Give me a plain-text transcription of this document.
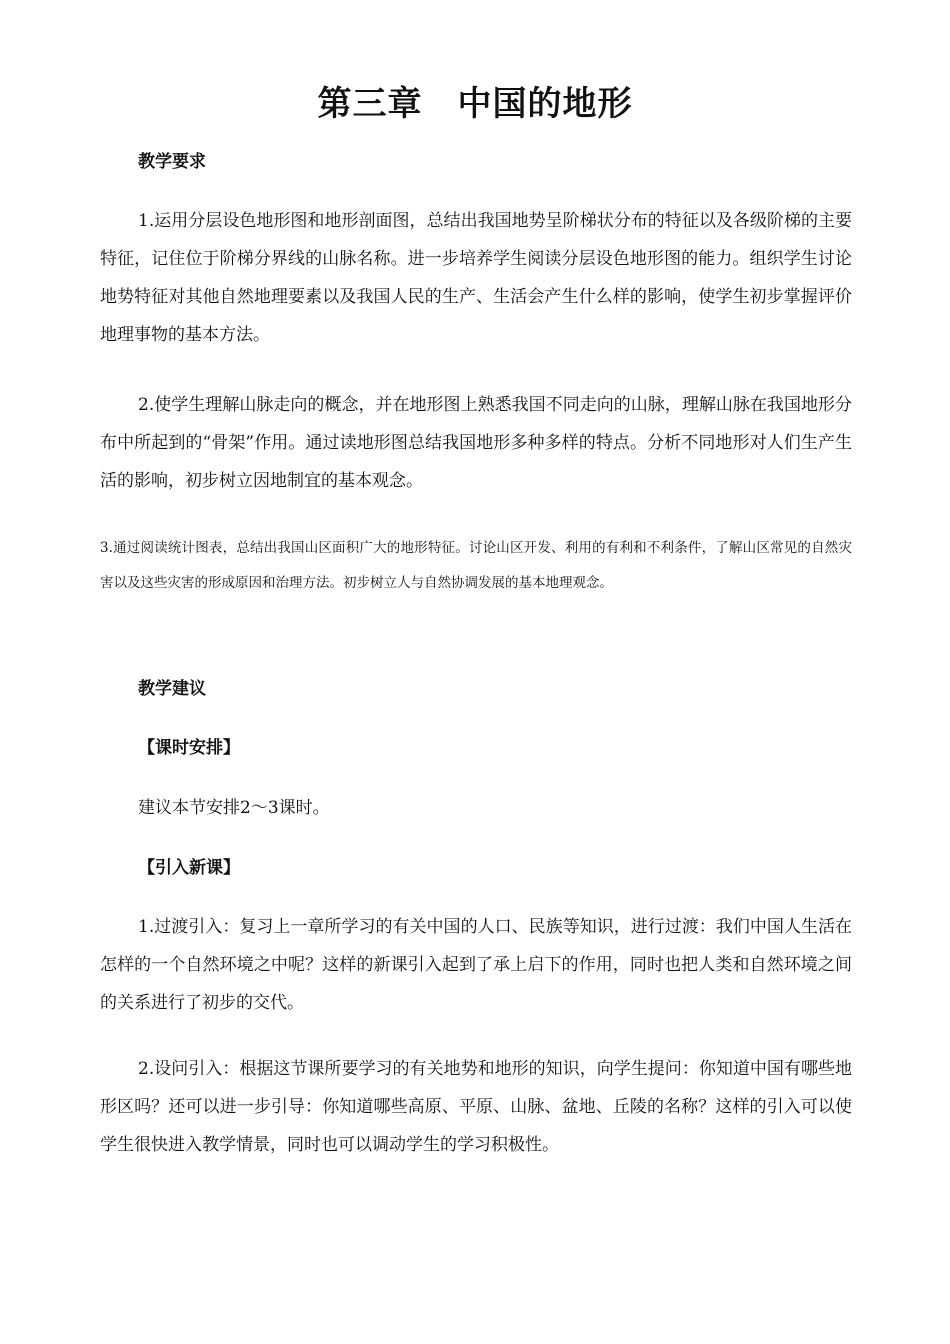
第三章　中国的地形
教学要求

1.运用分层设色地形图和地形剖面图，总结出我国地势呈阶梯状分布的特征以及各级阶梯的主要特征，记住位于阶梯分界线的山脉名称。进一步培养学生阅读分层设色地形图的能力。组织学生讨论地势特征对其他自然地理要素以及我国人民的生产、生活会产生什么样的影响，使学生初步掌握评价地理事物的基本方法。

2.使学生理解山脉走向的概念，并在地形图上熟悉我国不同走向的山脉，理解山脉在我国地形分布中所起到的“骨架”作用。通过读地形图总结我国地形多种多样的特点。分析不同地形对人们生产生活的影响，初步树立因地制宜的基本观念。

3.通过阅读统计图表，总结出我国山区面积广大的地形特征。讨论山区开发、利用的有利和不利条件，了解山区常见的自然灾害以及这些灾害的形成原因和治理方法。初步树立人与自然协调发展的基本地理观念。

教学建议
【课时安排】
建议本节安排2～3课时。
【引入新课】

1.过渡引入：复习上一章所学习的有关中国的人口、民族等知识，进行过渡：我们中国人生活在怎样的一个自然环境之中呢？这样的新课引入起到了承上启下的作用，同时也把人类和自然环境之间的关系进行了初步的交代。

2.设问引入：根据这节课所要学习的有关地势和地形的知识，向学生提问：你知道中国有哪些地形区吗？还可以进一步引导：你知道哪些高原、平原、山脉、盆地、丘陵的名称？这样的引入可以使学生很快进入教学情景，同时也可以调动学生的学习积极性。
